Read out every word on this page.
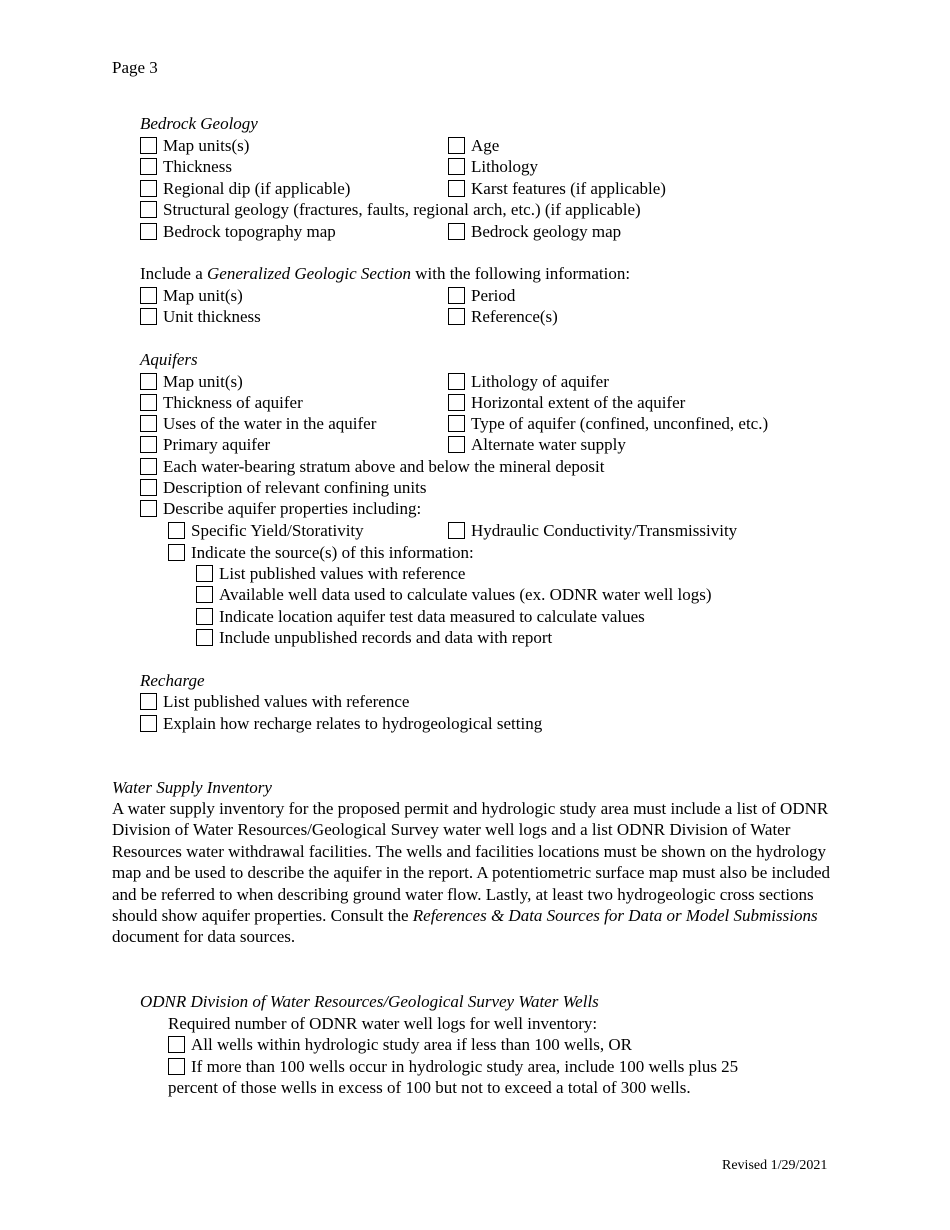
Page 3
Bedrock Geology
Map units(s)	Age
Thickness	Lithology
Regional dip (if applicable)	Karst features (if applicable)
Structural geology (fractures, faults, regional arch, etc.) (if applicable)
Bedrock topography map	Bedrock geology map
Include a Generalized Geologic Section with the following information:
Map unit(s)	Period
Unit thickness	Reference(s)
Aquifers
Map unit(s)	Lithology of aquifer
Thickness of aquifer	Horizontal extent of the aquifer
Uses of the water in the aquifer	Type of aquifer (confined, unconfined, etc.)
Primary aquifer	Alternate water supply
Each water-bearing stratum above and below the mineral deposit
Description of relevant confining units
Describe aquifer properties including:
Specific Yield/Storativity	Hydraulic Conductivity/Transmissivity
Indicate the source(s) of this information:
List published values with reference
Available well data used to calculate values (ex. ODNR water well logs)
Indicate location aquifer test data measured to calculate values
Include unpublished records and data with report
Recharge
List published values with reference
Explain how recharge relates to hydrogeological setting
Water Supply Inventory
A water supply inventory for the proposed permit and hydrologic study area must include a list of ODNR Division of Water Resources/Geological Survey water well logs and a list ODNR Division of Water Resources water withdrawal facilities. The wells and facilities locations must be shown on the hydrology map and be used to describe the aquifer in the report. A potentiometric surface map must also be included and be referred to when describing ground water flow. Lastly, at least two hydrogeologic cross sections should show aquifer properties. Consult the References & Data Sources for Data or Model Submissions document for data sources.
ODNR Division of Water Resources/Geological Survey Water Wells
Required number of ODNR water well logs for well inventory:
All wells within hydrologic study area if less than 100 wells, OR
If more than 100 wells occur in hydrologic study area, include 100 wells plus 25
percent of those wells in excess of 100 but not to exceed a total of 300 wells.
Revised 1/29/2021
